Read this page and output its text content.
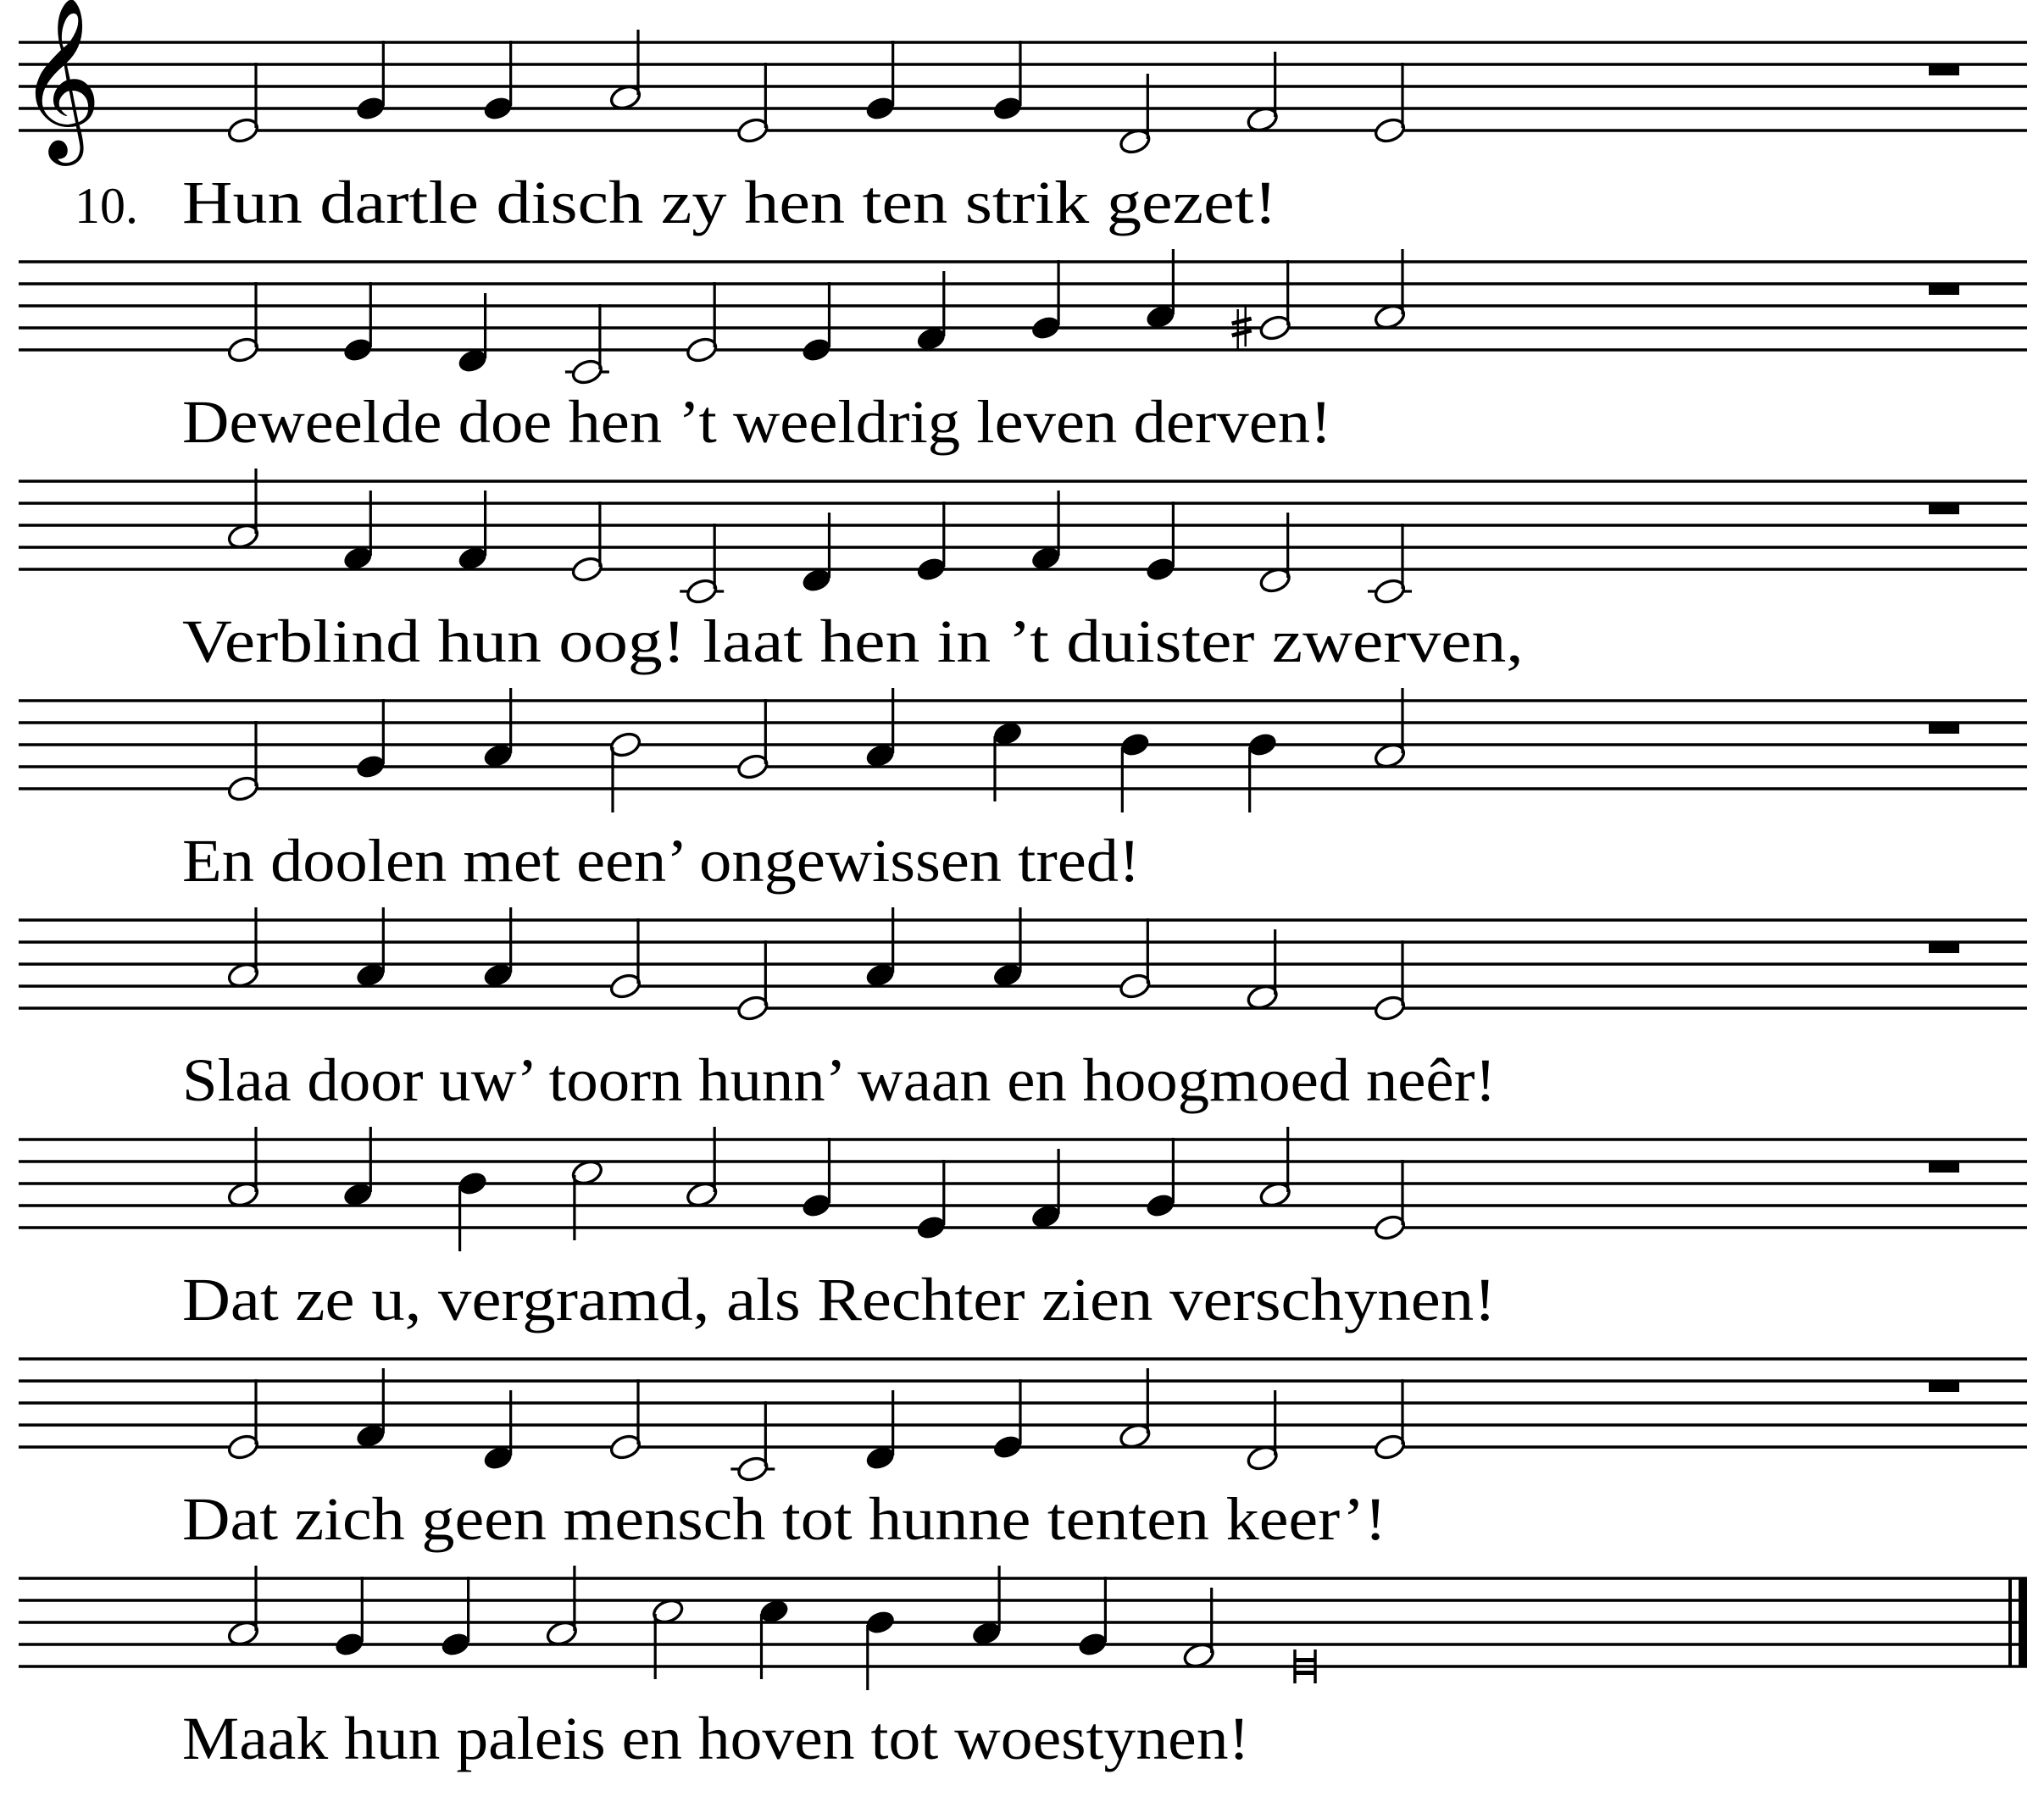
𝄞
10. Hun dartle disch zy hen ten strik gezet!
Deweelde doe hen ’t weeldrig leven derven!
Verblind hun oog! laat hen in ’t duister zwerven,
En doolen met een’ ongewissen tred!
Slaa door uw’ toorn hunn’ waan en hoogmoed neêr!
Dat ze u, vergramd, als Rechter zien verschynen!
Dat zich geen mensch tot hunne tenten keer’!
Maak hun paleis en hoven tot woestynen!
